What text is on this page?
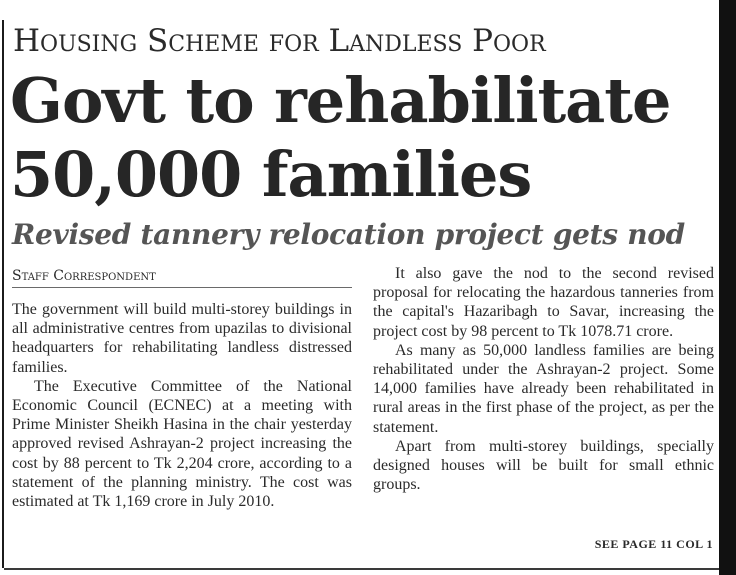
Housing Scheme for Landless Poor
Govt to rehabilitate
50,000 families
Revised tannery relocation project gets nod
Staff Correspondent

The government will build multi-storey buildings in all administrative centres from upazilas to divisional headquarters for rehabilitating landless distressed families.

The Executive Committee of the National Economic Council (ECNEC) at a meeting with Prime Minister Sheikh Hasina in the chair yesterday approved revised Ashrayan-2 project increasing the cost by 88 percent to Tk 2,204 crore, according to a statement of the planning ministry. The cost was estimated at Tk 1,169 crore in July 2010.

It also gave the nod to the second revised proposal for relocating the hazardous tanneries from the capital's Hazaribagh to Savar, increasing the project cost by 98 percent to Tk 1078.71 crore.

As many as 50,000 landless families are being rehabilitated under the Ashrayan-2 project. Some 14,000 families have already been rehabilitated in rural areas in the first phase of the project, as per the statement.

Apart from multi-storey buildings, specially designed houses will be built for small ethnic groups.

SEE PAGE 11 COL 1
